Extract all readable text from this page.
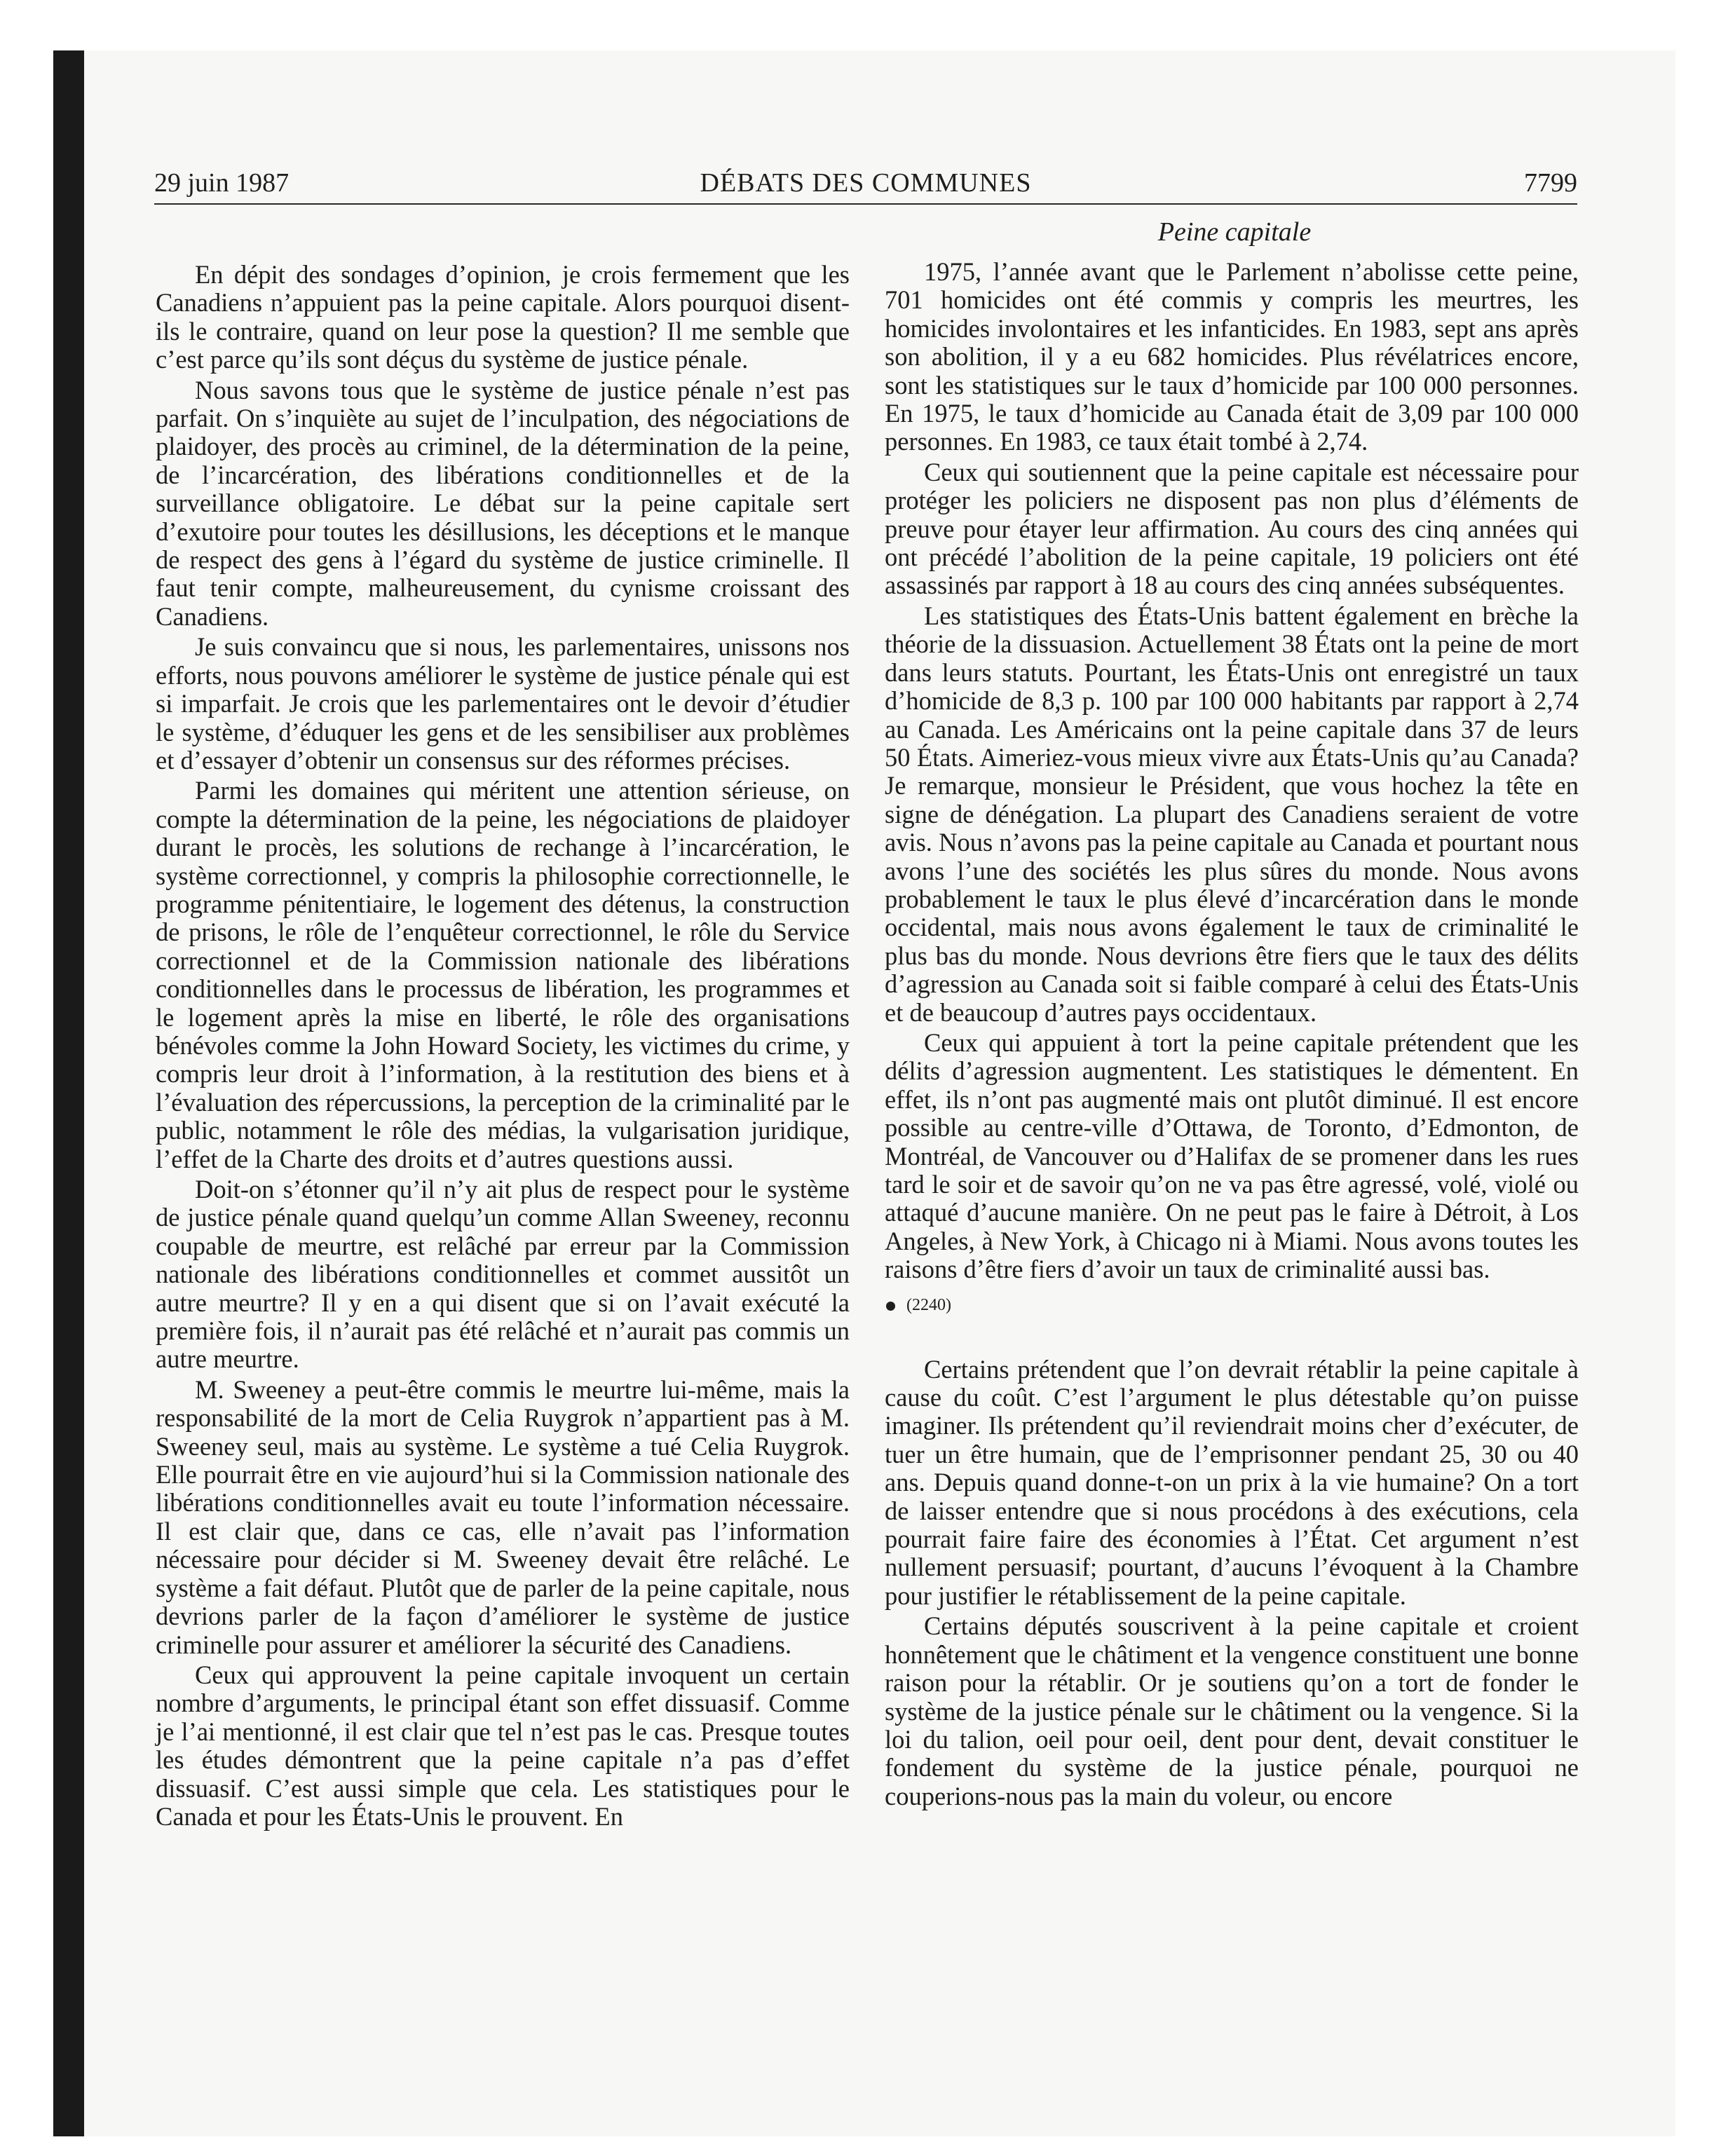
29 juin 1987	DÉBATS DES COMMUNES	7799
Peine capitale

En dépit des sondages d’opinion, je crois fermement que les Canadiens n’appuient pas la peine capitale. Alors pourquoi disent-ils le contraire, quand on leur pose la question? Il me semble que c’est parce qu’ils sont déçus du système de justice pénale.

Nous savons tous que le système de justice pénale n’est pas parfait. On s’inquiète au sujet de l’inculpation, des négociations de plaidoyer, des procès au criminel, de la détermination de la peine, de l’incarcération, des libérations conditionnelles et de la surveillance obligatoire. Le débat sur la peine capitale sert d’exutoire pour toutes les désillusions, les déceptions et le manque de respect des gens à l’égard du système de justice criminelle. Il faut tenir compte, malheureusement, du cynisme croissant des Canadiens.

Je suis convaincu que si nous, les parlementaires, unissons nos efforts, nous pouvons améliorer le système de justice pénale qui est si imparfait. Je crois que les parlementaires ont le devoir d’étudier le système, d’éduquer les gens et de les sensibiliser aux problèmes et d’essayer d’obtenir un consensus sur des réformes précises.

Parmi les domaines qui méritent une attention sérieuse, on compte la détermination de la peine, les négociations de plaidoyer durant le procès, les solutions de rechange à l’incarcération, le système correctionnel, y compris la philosophie correctionnelle, le programme pénitentiaire, le logement des détenus, la construction de prisons, le rôle de l’enquêteur correctionnel, le rôle du Service correctionnel et de la Commission nationale des libérations conditionnelles dans le processus de libération, les programmes et le logement après la mise en liberté, le rôle des organisations bénévoles comme la John Howard Society, les victimes du crime, y compris leur droit à l’information, à la restitution des biens et à l’évaluation des répercussions, la perception de la criminalité par le public, notamment le rôle des médias, la vulgarisation juridique, l’effet de la Charte des droits et d’autres questions aussi.

Doit-on s’étonner qu’il n’y ait plus de respect pour le système de justice pénale quand quelqu’un comme Allan Sweeney, reconnu coupable de meurtre, est relâché par erreur par la Commission nationale des libérations conditionnelles et commet aussitôt un autre meurtre? Il y en a qui disent que si on l’avait exécuté la première fois, il n’aurait pas été relâché et n’aurait pas commis un autre meurtre.

M. Sweeney a peut-être commis le meurtre lui-même, mais la responsabilité de la mort de Celia Ruygrok n’appartient pas à M. Sweeney seul, mais au système. Le système a tué Celia Ruygrok. Elle pourrait être en vie aujourd’hui si la Commission nationale des libérations conditionnelles avait eu toute l’information nécessaire. Il est clair que, dans ce cas, elle n’avait pas l’information nécessaire pour décider si M. Sweeney devait être relâché. Le système a fait défaut. Plutôt que de parler de la peine capitale, nous devrions parler de la façon d’améliorer le système de justice criminelle pour assurer et améliorer la sécurité des Canadiens.

Ceux qui approuvent la peine capitale invoquent un certain nombre d’arguments, le principal étant son effet dissuasif. Comme je l’ai mentionné, il est clair que tel n’est pas le cas. Presque toutes les études démontrent que la peine capitale n’a pas d’effet dissuasif. C’est aussi simple que cela. Les statistiques pour le Canada et pour les États-Unis le prouvent. En

1975, l’année avant que le Parlement n’abolisse cette peine, 701 homicides ont été commis y compris les meurtres, les homicides involontaires et les infanticides. En 1983, sept ans après son abolition, il y a eu 682 homicides. Plus révélatrices encore, sont les statistiques sur le taux d’homicide par 100 000 personnes. En 1975, le taux d’homicide au Canada était de 3,09 par 100 000 personnes. En 1983, ce taux était tombé à 2,74.

Ceux qui soutiennent que la peine capitale est nécessaire pour protéger les policiers ne disposent pas non plus d’éléments de preuve pour étayer leur affirmation. Au cours des cinq années qui ont précédé l’abolition de la peine capitale, 19 policiers ont été assassinés par rapport à 18 au cours des cinq années subséquentes.

Les statistiques des États-Unis battent également en brèche la théorie de la dissuasion. Actuellement 38 États ont la peine de mort dans leurs statuts. Pourtant, les États-Unis ont enregistré un taux d’homicide de 8,3 p. 100 par 100 000 habitants par rapport à 2,74 au Canada. Les Américains ont la peine capitale dans 37 de leurs 50 États. Aimeriez-vous mieux vivre aux États-Unis qu’au Canada? Je remarque, monsieur le Président, que vous hochez la tête en signe de dénégation. La plupart des Canadiens seraient de votre avis. Nous n’avons pas la peine capitale au Canada et pourtant nous avons l’une des sociétés les plus sûres du monde. Nous avons probablement le taux le plus élevé d’incarcération dans le monde occidental, mais nous avons également le taux de criminalité le plus bas du monde. Nous devrions être fiers que le taux des délits d’agression au Canada soit si faible comparé à celui des États-Unis et de beaucoup d’autres pays occidentaux.

Ceux qui appuient à tort la peine capitale prétendent que les délits d’agression augmentent. Les statistiques le démentent. En effet, ils n’ont pas augmenté mais ont plutôt diminué. Il est encore possible au centre-ville d’Ottawa, de Toronto, d’Edmonton, de Montréal, de Vancouver ou d’Halifax de se promener dans les rues tard le soir et de savoir qu’on ne va pas être agressé, volé, violé ou attaqué d’aucune manière. On ne peut pas le faire à Détroit, à Los Angeles, à New York, à Chicago ni à Miami. Nous avons toutes les raisons d’être fiers d’avoir un taux de criminalité aussi bas.

(2240)

Certains prétendent que l’on devrait rétablir la peine capitale à cause du coût. C’est l’argument le plus détestable qu’on puisse imaginer. Ils prétendent qu’il reviendrait moins cher d’exécuter, de tuer un être humain, que de l’emprisonner pendant 25, 30 ou 40 ans. Depuis quand donne-t-on un prix à la vie humaine? On a tort de laisser entendre que si nous procédons à des exécutions, cela pourrait faire faire des économies à l’État. Cet argument n’est nullement persuasif; pourtant, d’aucuns l’évoquent à la Chambre pour justifier le rétablissement de la peine capitale.

Certains députés souscrivent à la peine capitale et croient honnêtement que le châtiment et la vengence constituent une bonne raison pour la rétablir. Or je soutiens qu’on a tort de fonder le système de la justice pénale sur le châtiment ou la vengence. Si la loi du talion, oeil pour oeil, dent pour dent, devait constituer le fondement du système de la justice pénale, pourquoi ne couperions-nous pas la main du voleur, ou encore
